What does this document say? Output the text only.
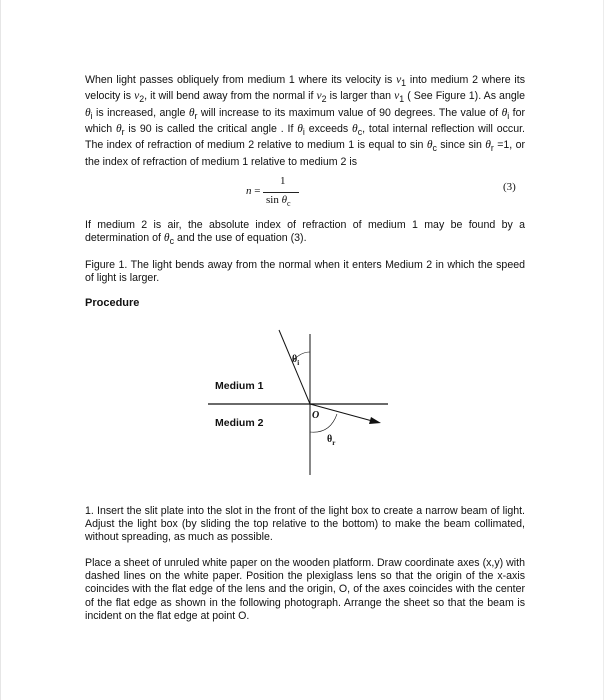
When light passes obliquely from medium 1 where its velocity is $v_1$ into medium 2 where its velocity is $v_2$, it will bend away from the normal if $v_2$ is larger than $v_1$ ( See Figure 1). As angle $\theta_i$ is increased, angle $\theta_r$ will increase to its maximum value of 90 degrees. The value of $\theta_i$ for which $\theta_r$ is 90 is called the critical angle . If $\theta_i$ exceeds $\theta_c$, total internal reflection will occur. The index of refraction of medium 2 relative to medium 1 is equal to $\sin \theta_c$ since $\sin \theta_r =1$, or the index of refraction of medium 1 relative to medium 2 is

n =
1
$\sin \theta_c$
(3)

If medium 2 is air, the absolute index of refraction of medium 1 may be found by a determination of $\theta_c$ and the use of equation (3).

Figure 1. The light bends away from the normal when it enters Medium 2 in which the speed of light is larger.

Procedure
Medium 1
Medium 2
O
$\theta_i$
$\theta_r$

1. Insert the slit plate into the slot in the front of the light box to create a narrow beam of light. Adjust the light box (by sliding the top relative to the bottom) to make the beam collimated, without spreading, as much as possible.

Place a sheet of unruled white paper on the wooden platform. Draw coordinate axes (x,y) with dashed lines on the white paper. Position the plexiglass lens so that the origin of the x-axis coincides with the flat edge of the lens and the origin, O, of the axes coincides with the center of the flat edge as shown in the following photograph. Arrange the sheet so that the beam is incident on the flat edge at point O.
